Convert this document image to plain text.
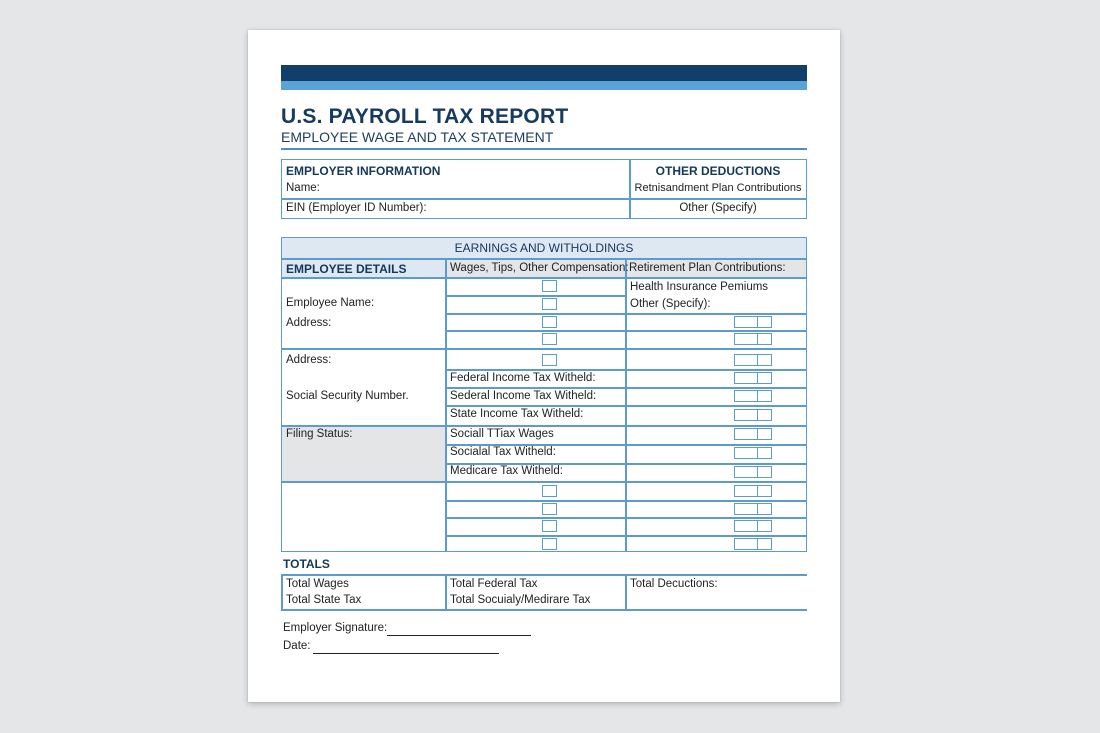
U.S. PAYROLL TAX REPORT
EMPLOYEE WAGE AND TAX STATEMENT
EMPLOYER INFORMATION
Name:
EIN (Employer ID Number):
OTHER DEDUCTIONS
Retnisandment Plan Contributions
Other (Specify)
EARNINGS AND WITHOLDINGS
EMPLOYEE DETAILS	Wages, Tips, Other Compensation: Retirement Plan Contributions:
Employee Name:
Address:
Address:
Social Security Number.
Filing Status:
Federal Income Tax Witheld:
Sederal Income Tax Witheld:
State Income Tax Witheld:
Sociall TTiax Wages
Socialal Tax Witheld:
Medicare Tax Witheld:
Health Insurance Pemiums
Other (Specify):
TOTALS
Total Wages
Total State Tax
Total Federal Tax
Total Socuialy/Medirare Tax
Total Decuctions:
Employer Signature:
Date:
